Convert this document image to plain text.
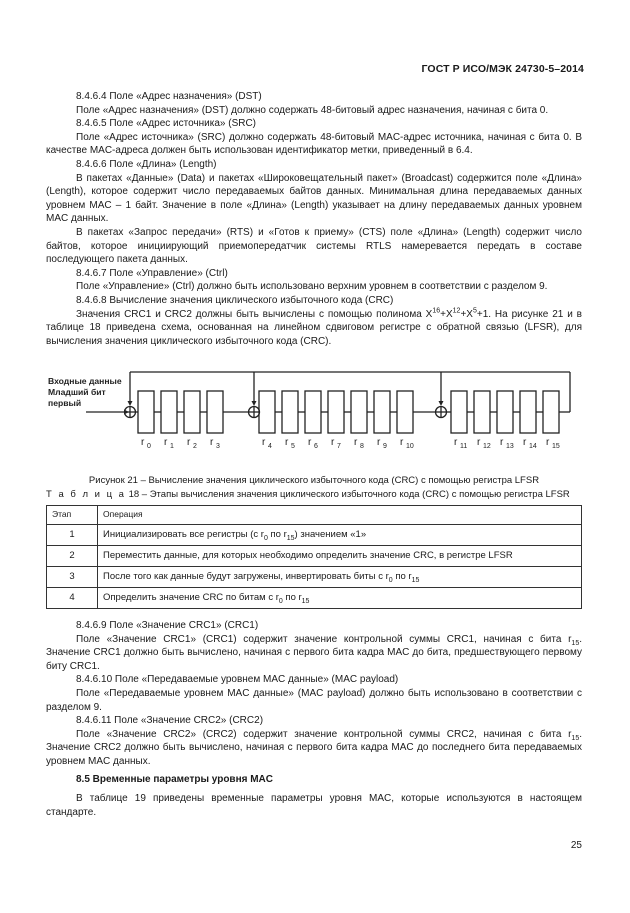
ГОСТ Р ИСО/МЭК 24730-5–2014

8.4.6.4 Поле «Адрес назначения» (DST)

Поле «Адрес назначения» (DST) должно содержать 48-битовый адрес назначения, начиная с бита 0.

8.4.6.5 Поле «Адрес источника» (SRC)

Поле «Адрес источника» (SRC) должно содержать 48-битовый MAC-адрес источника, начиная с бита 0. В качестве MAC-адреса должен быть использован идентификатор метки, приведенный в 6.4.

8.4.6.6 Поле «Длина» (Length)

В пакетах «Данные» (Data) и пакетах «Широковещательный пакет» (Broadcast) содержится поле «Длина» (Length), которое содержит число передаваемых байтов данных. Минимальная длина передаваемых данных уровнем MAC – 1 байт. Значение в поле «Длина» (Length) указывает на длину передаваемых данных уровнем MAC данных.

В пакетах «Запрос передачи» (RTS) и «Готов к приему» (CTS) поле «Длина» (Length) содержит число байтов, которое инициирующий приемопередатчик системы RTLS намеревается передать в составе последующего пакета данных.

8.4.6.7 Поле «Управление» (Ctrl)

Поле «Управление» (Ctrl) должно быть использовано верхним уровнем в соответствии с разделом 9.

8.4.6.8 Вычисление значения циклического избыточного кода (CRC)

Значения CRC1 и CRC2 должны быть вычислены с помощью полинома $X^{16}+X^{12}+X^5+1$. На рисунке 21 и в таблице 18 приведена схема, основанная на линейном сдвиговом регистре с обратной связью (LFSR), для вычисления значения циклического избыточного кода (CRC).

Входные данные
Младший бит
первый
r 0 r 1 r 2 r 3	r 4 r 5 r 6 r 7 r 8 r 9 r 10	r 11 r 12 r 13 r 14 r 15

Рисунок 21 – Вычисление значения циклического избыточного кода (CRC) с помощью регистра LFSR

Т а б л и ц а 18 – Этапы вычисления значения циклического избыточного кода (CRC) с помощью регистра LFSR

Этап	Операция
1	Инициализировать все регистры (с $r_0$ по $r_{15}$) значением «1»
2	Переместить данные, для которых необходимо определить значение CRC, в регистре LFSR
3	После того как данные будут загружены, инвертировать биты с $r_0$ по $r_{15}$
4	Определить значение CRC по битам с $r_0$ по $r_{15}$

8.4.6.9 Поле «Значение CRC1» (CRC1)

Поле «Значение CRC1» (CRC1) содержит значение контрольной суммы CRC1, начиная с бита $r_{15}$. Значение CRC1 должно быть вычислено, начиная с первого бита кадра MAC до бита, предшествующего первому биту CRC1.

8.4.6.10 Поле «Передаваемые уровнем MAC данные» (MAC payload)

Поле «Передаваемые уровнем MAC данные» (MAC payload) должно быть использовано в соответствии с разделом 9.

8.4.6.11 Поле «Значение CRC2» (CRC2)

Поле «Значение CRC2» (CRC2) содержит значение контрольной суммы CRC2, начиная с бита $r_{15}$. Значение CRC2 должно быть вычислено, начиная с первого бита кадра MAC до последнего бита передаваемых уровнем MAC данных.

8.5 Временные параметры уровня MAC

В таблице 19 приведены временные параметры уровня MAC, которые используются в настоящем стандарте.

25
